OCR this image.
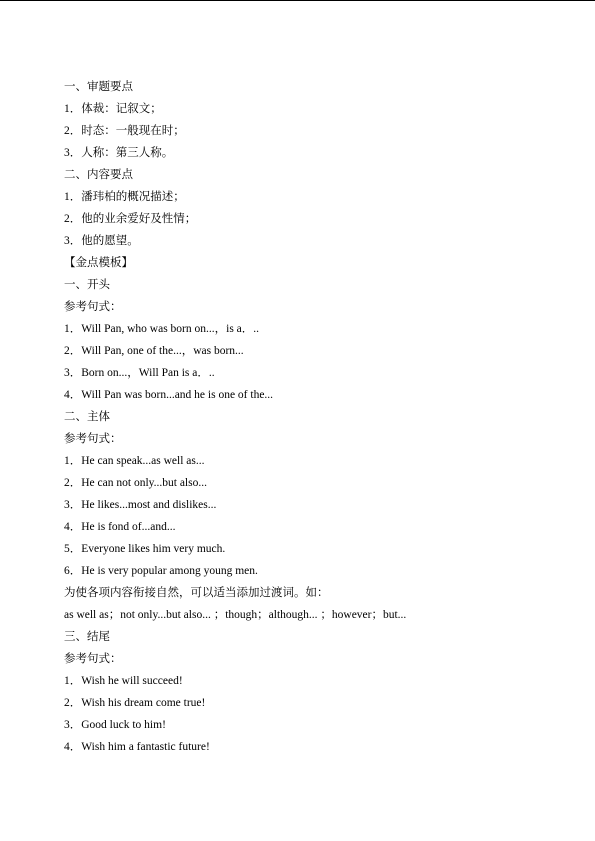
一、审题要点
1．体裁：记叙文；
2．时态：一般现在时；
3．人称：第三人称。
二、内容要点
1．潘玮柏的概况描述；
2．他的业余爱好及性情；
3．他的愿望。
【金点模板】
一、开头
参考句式：
1．Will Pan, who was born on...，is a．..
2．Will Pan, one of the...，was born...
3．Born on...，Will Pan is a．..
4．Will Pan was born...and he is one of the...
二、主体
参考句式：
1．He can speak...as well as...
2．He can not only...but also...
3．He likes...most and dislikes...
4．He is fond of...and...
5．Everyone likes him very much.
6．He is very popular among young men.
为使各项内容衔接自然，可以适当添加过渡词。如：
as well as；not only...but also... ；though；although... ；however；but...
三、结尾
参考句式：
1．Wish he will succeed!
2．Wish his dream come true!
3．Good luck to him!
4．Wish him a fantastic future!
